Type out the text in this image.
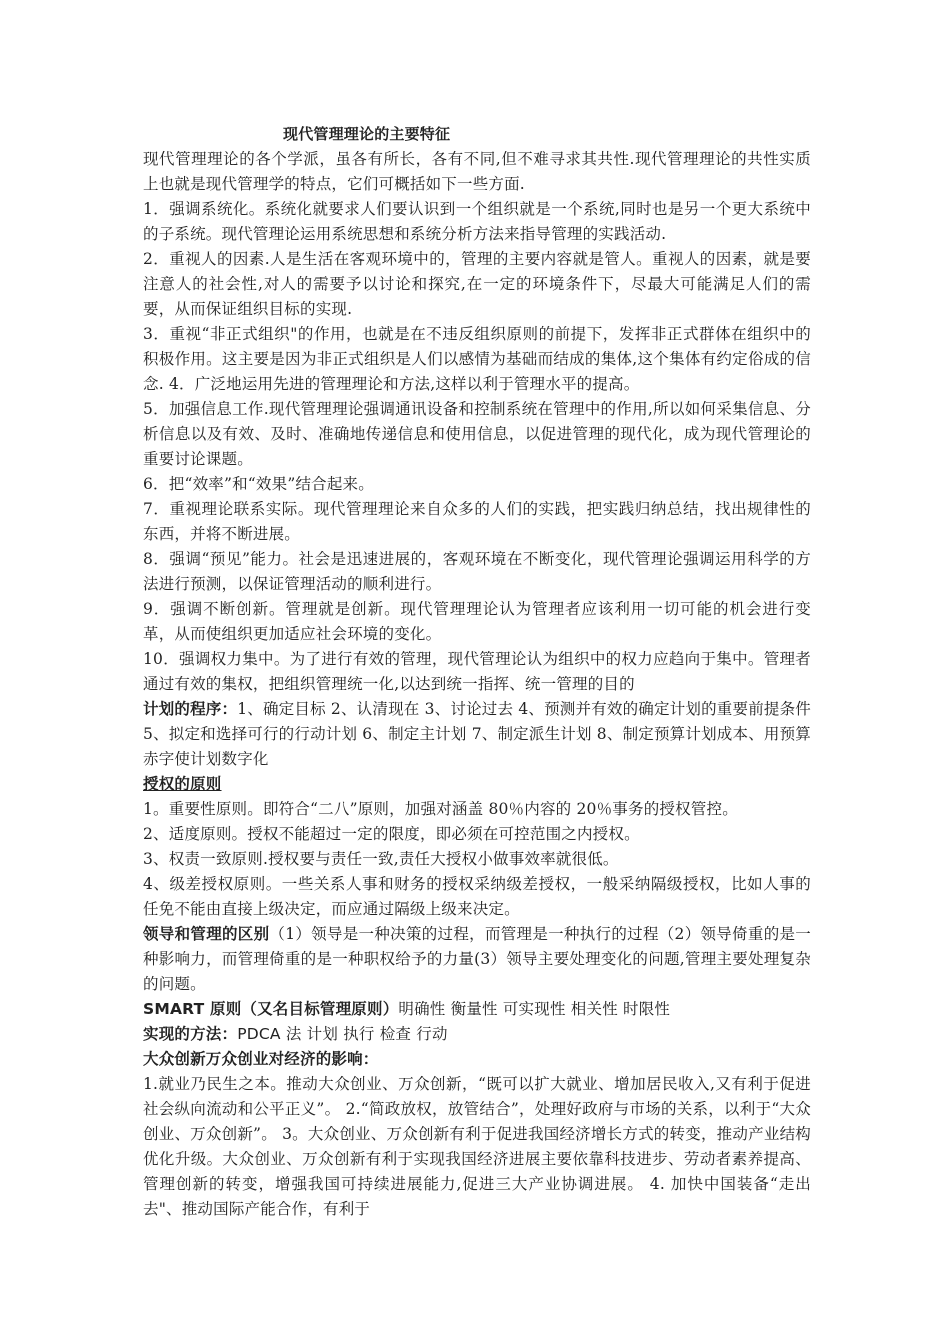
现代管理理论的主要特征
现代管理理论的各个学派，虽各有所长，各有不同,但不难寻求其共性.现代管理理论的共性实质上也就是现代管理学的特点，它们可概括如下一些方面.
1．强调系统化。系统化就要求人们要认识到一个组织就是一个系统,同时也是另一个更大系统中的子系统。现代管理论运用系统思想和系统分析方法来指导管理的实践活动.
2．重视人的因素.人是生活在客观环境中的，管理的主要内容就是管人。重视人的因素，就是要注意人的社会性,对人的需要予以讨论和探究,在一定的环境条件下，尽最大可能满足人们的需要，从而保证组织目标的实现.
3．重视“非正式组织"的作用，也就是在不违反组织原则的前提下，发挥非正式群体在组织中的积极作用。这主要是因为非正式组织是人们以感情为基础而结成的集体,这个集体有约定俗成的信念. 4．广泛地运用先进的管理理论和方法,这样以利于管理水平的提高。
5．加强信息工作.现代管理理论强调通讯设备和控制系统在管理中的作用,所以如何采集信息、分析信息以及有效、及时、准确地传递信息和使用信息，以促进管理的现代化，成为现代管理论的重要讨论课题。
6．把“效率”和“效果”结合起来。
7．重视理论联系实际。现代管理理论来自众多的人们的实践，把实践归纳总结，找出规律性的东西，并将不断进展。
8．强调“预见”能力。社会是迅速进展的，客观环境在不断变化，现代管理论强调运用科学的方法进行预测，以保证管理活动的顺利进行。
9．强调不断创新。管理就是创新。现代管理理论认为管理者应该利用一切可能的机会进行变革，从而使组织更加适应社会环境的变化。
10．强调权力集中。为了进行有效的管理，现代管理论认为组织中的权力应趋向于集中。管理者通过有效的集权，把组织管理统一化,以达到统一指挥、统一管理的目的
计划的程序：1、确定目标 2、认清现在 3、讨论过去 4、预测并有效的确定计划的重要前提条件 5、拟定和选择可行的行动计划 6、制定主计划 7、制定派生计划 8、制定预算计划成本、用预算赤字使计划数字化
授权的原则
1。重要性原则。即符合“二八”原则，加强对涵盖 80％内容的 20％事务的授权管控。
2、适度原则。授权不能超过一定的限度，即必须在可控范围之内授权。
3、权责一致原则.授权要与责任一致,责任大授权小做事效率就很低。
4、级差授权原则。一些关系人事和财务的授权采纳级差授权，一般采纳隔级授权，比如人事的任免不能由直接上级决定，而应通过隔级上级来决定。
领导和管理的区别（1）领导是一种决策的过程，而管理是一种执行的过程（2）领导倚重的是一种影响力，而管理倚重的是一种职权给予的力量(3）领导主要处理变化的问题,管理主要处理复杂的问题。
SMART 原则（又名目标管理原则）明确性 衡量性 可实现性 相关性 时限性
实现的方法：PDCA 法 计划 执行 检查 行动
大众创新万众创业对经济的影响：
1.就业乃民生之本。推动大众创业、万众创新，“既可以扩大就业、增加居民收入,又有利于促进社会纵向流动和公平正义”。 2.“简政放权，放管结合”，处理好政府与市场的关系，以利于“大众创业、万众创新”。 3。大众创业、万众创新有利于促进我国经济增长方式的转变，推动产业结构优化升级。大众创业、万众创新有利于实现我国经济进展主要依靠科技进步、劳动者素养提高、管理创新的转变，增强我国可持续进展能力,促进三大产业协调进展。 4. 加快中国装备“走出去"、推动国际产能合作，有利于
